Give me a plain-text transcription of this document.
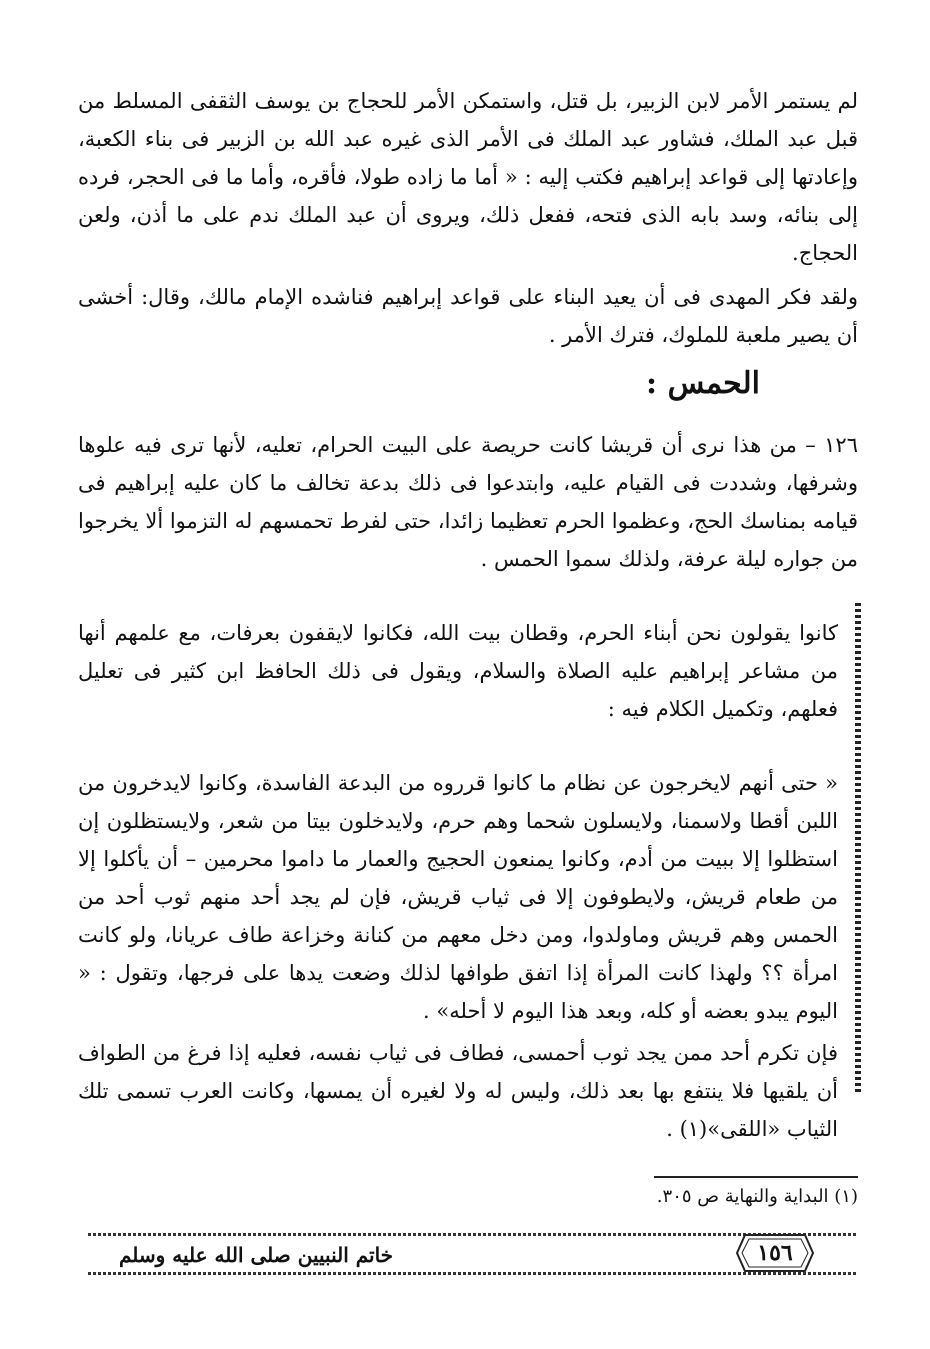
لم يستمر الأمر لابن الزبير، بل قتل، واستمكن الأمر للحجاج بن يوسف الثقفى المسلط من قبل عبد الملك، فشاور عبد الملك فى الأمر الذى غيره عبد الله بن الزبير فى بناء الكعبة، وإعادتها إلى قواعد إبراهيم فكتب إليه : « أما ما زاده طولا، فأقره، وأما ما فى الحجر، فرده إلى بنائه، وسد بابه الذى فتحه، ففعل ذلك، ويروى أن عبد الملك ندم على ما أذن، ولعن الحجاج.

ولقد فكر المهدى فى أن يعيد البناء على قواعد إبراهيم فناشده الإمام مالك، وقال: أخشى أن يصير ملعبة للملوك، فترك الأمر .

الحمس :

١٢٦ – من هذا نرى أن قريشا كانت حريصة على البيت الحرام، تعليه، لأنها ترى فيه علوها وشرفها، وشددت فى القيام عليه، وابتدعوا فى ذلك بدعة تخالف ما كان عليه إبراهيم فى قيامه بمناسك الحج، وعظموا الحرم تعظيما زائدا، حتى لفرط تحمسهم له التزموا ألا يخرجوا من جواره ليلة عرفة، ولذلك سموا الحمس .

كانوا يقولون نحن أبناء الحرم، وقطان بيت الله، فكانوا لايقفون بعرفات، مع علمهم أنها من مشاعر إبراهيم عليه الصلاة والسلام، ويقول فى ذلك الحافظ ابن كثير فى تعليل فعلهم، وتكميل الكلام فيه :

« حتى أنهم لايخرجون عن نظام ما كانوا قرروه من البدعة الفاسدة، وكانوا لايدخرون من اللبن أقطا ولاسمنا، ولايسلون شحما وهم حرم، ولايدخلون بيتا من شعر، ولايستظلون إن استظلوا إلا ببيت من أدم، وكانوا يمنعون الحجيج والعمار ما داموا محرمين – أن يأكلوا إلا من طعام قريش، ولايطوفون إلا فى ثياب قريش، فإن لم يجد أحد منهم ثوب أحد من الحمس وهم قريش وماولدوا، ومن دخل معهم من كنانة وخزاعة طاف عريانا، ولو كانت امرأة ؟؟ ولهذا كانت المرأة إذا اتفق طوافها لذلك وضعت يدها على فرجها، وتقول : « اليوم يبدو بعضه أو كله، وبعد هذا اليوم لا أحله» .

فإن تكرم أحد ممن يجد ثوب أحمسى، فطاف فى ثياب نفسه، فعليه إذا فرغ من الطواف أن يلقيها فلا ينتفع بها بعد ذلك، وليس له ولا لغيره أن يمسها، وكانت العرب تسمى تلك الثياب «اللقى»(١) .

(١) البداية والنهاية ص ٣٠٥.
١٥٦
خاتم النبيين صلى الله عليه وسلم
